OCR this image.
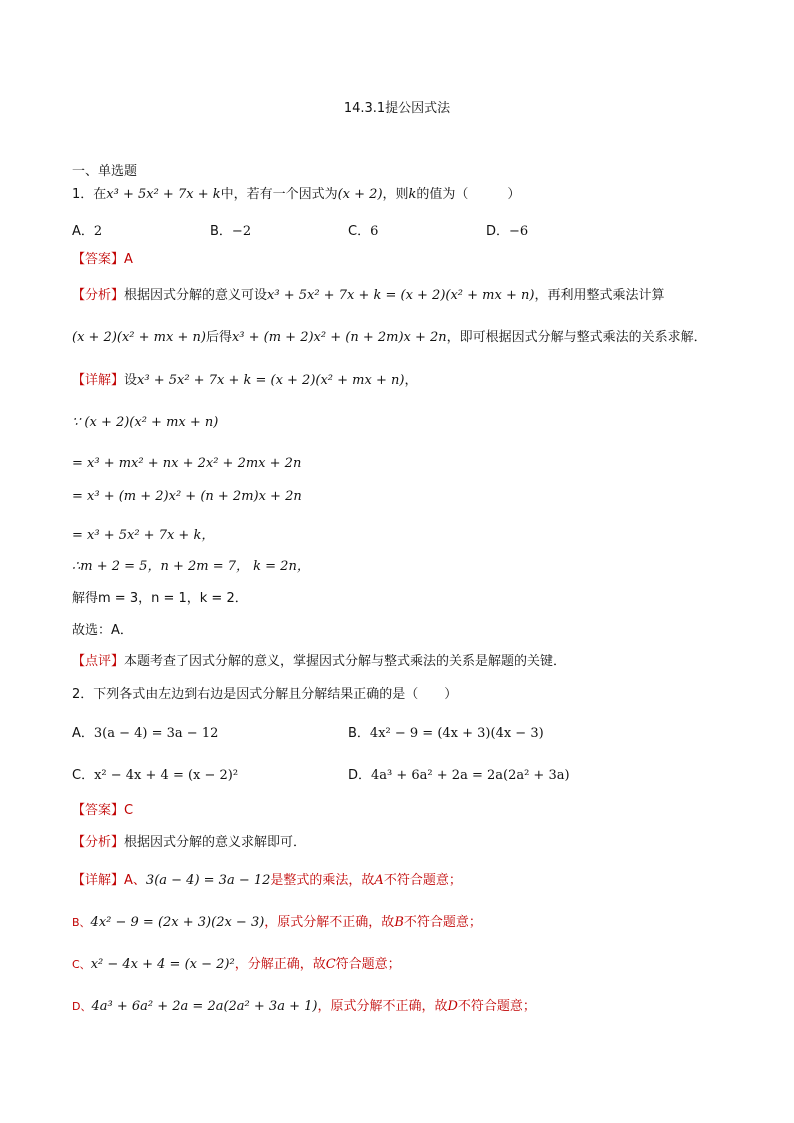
14.3.1提公因式法
一、单选题
1．在x³ + 5x² + 7x + k中，若有一个因式为(x + 2)，则k的值为（　　　）
A．2	B．−2	C．6	D．−6
【答案】A
【分析】根据因式分解的意义可设x³ + 5x² + 7x + k = (x + 2)(x² + mx + n)，再利用整式乘法计算
(x + 2)(x² + mx + n)后得x³ + (m + 2)x² + (n + 2m)x + 2n，即可根据因式分解与整式乘法的关系求解．
【详解】设x³ + 5x² + 7x + k = (x + 2)(x² + mx + n)，
∵ (x + 2)(x² + mx + n)
= x³ + mx² + nx + 2x² + 2mx + 2n
= x³ + (m + 2)x² + (n + 2m)x + 2n
= x³ + 5x² + 7x + k，
∴m + 2 = 5，n + 2m = 7， k = 2n，
解得m = 3，n = 1，k = 2．
故选：A．
【点评】本题考查了因式分解的意义，掌握因式分解与整式乘法的关系是解题的关键．
2．下列各式由左边到右边是因式分解且分解结果正确的是（　　）
A．3(a − 4) = 3a − 12	B．4x² − 9 = (4x + 3)(4x − 3)
C．x² − 4x + 4 = (x − 2)²	D．4a³ + 6a² + 2a = 2a(2a² + 3a)
【答案】C
【分析】根据因式分解的意义求解即可．
【详解】A、3(a − 4) = 3a − 12是整式的乘法，故A不符合题意；
B、4x² − 9 = (2x + 3)(2x − 3)，原式分解不正确，故B不符合题意；
C、x² − 4x + 4 = (x − 2)²，分解正确，故C符合题意；
D、4a³ + 6a² + 2a = 2a(2a² + 3a + 1)，原式分解不正确，故D不符合题意；
